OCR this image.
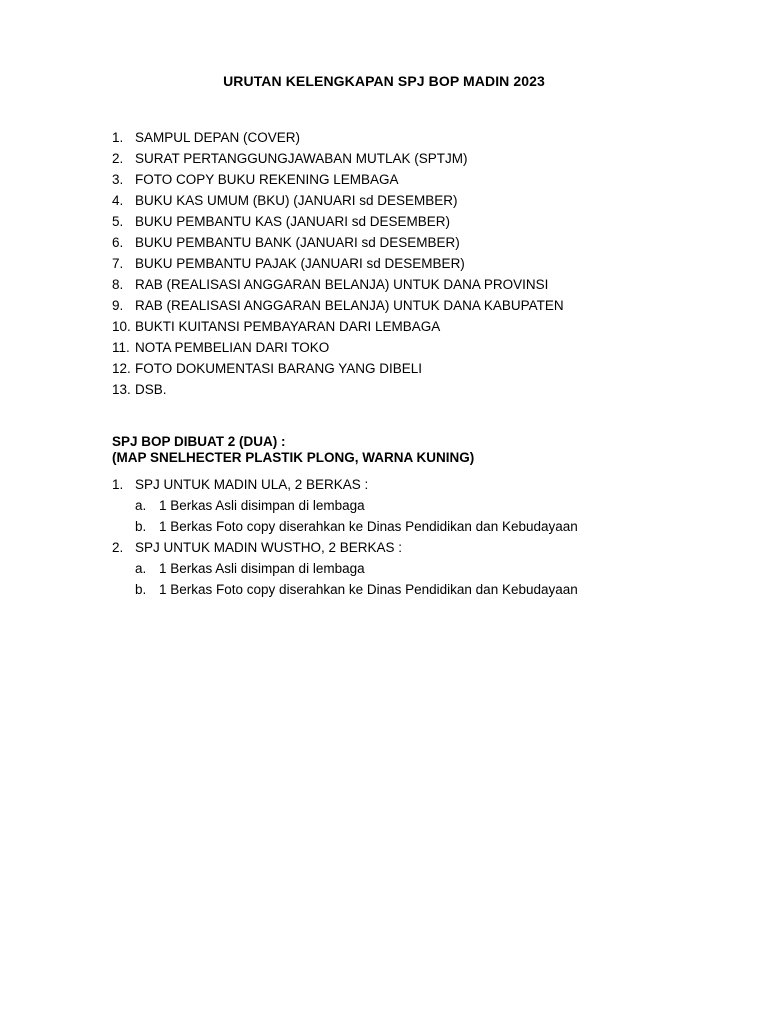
URUTAN KELENGKAPAN SPJ BOP MADIN 2023
1. SAMPUL DEPAN (COVER)
2. SURAT PERTANGGUNGJAWABAN MUTLAK (SPTJM)
3. FOTO COPY BUKU REKENING LEMBAGA
4. BUKU KAS UMUM (BKU) (JANUARI sd DESEMBER)
5. BUKU PEMBANTU KAS (JANUARI sd DESEMBER)
6. BUKU PEMBANTU BANK (JANUARI sd DESEMBER)
7. BUKU PEMBANTU PAJAK (JANUARI sd DESEMBER)
8. RAB (REALISASI ANGGARAN BELANJA) UNTUK DANA PROVINSI
9. RAB (REALISASI ANGGARAN BELANJA) UNTUK DANA KABUPATEN
10. BUKTI KUITANSI PEMBAYARAN DARI LEMBAGA
11. NOTA PEMBELIAN DARI TOKO
12. FOTO DOKUMENTASI BARANG YANG DIBELI
13. DSB.
SPJ BOP DIBUAT 2 (DUA) :
(MAP SNELHECTER PLASTIK PLONG, WARNA KUNING)
1. SPJ UNTUK MADIN ULA, 2 BERKAS :
a. 1 Berkas Asli disimpan di lembaga
b. 1 Berkas Foto copy diserahkan ke Dinas Pendidikan dan Kebudayaan
2. SPJ UNTUK MADIN WUSTHO, 2 BERKAS :
a. 1 Berkas Asli disimpan di lembaga
b. 1 Berkas Foto copy diserahkan ke Dinas Pendidikan dan Kebudayaan
